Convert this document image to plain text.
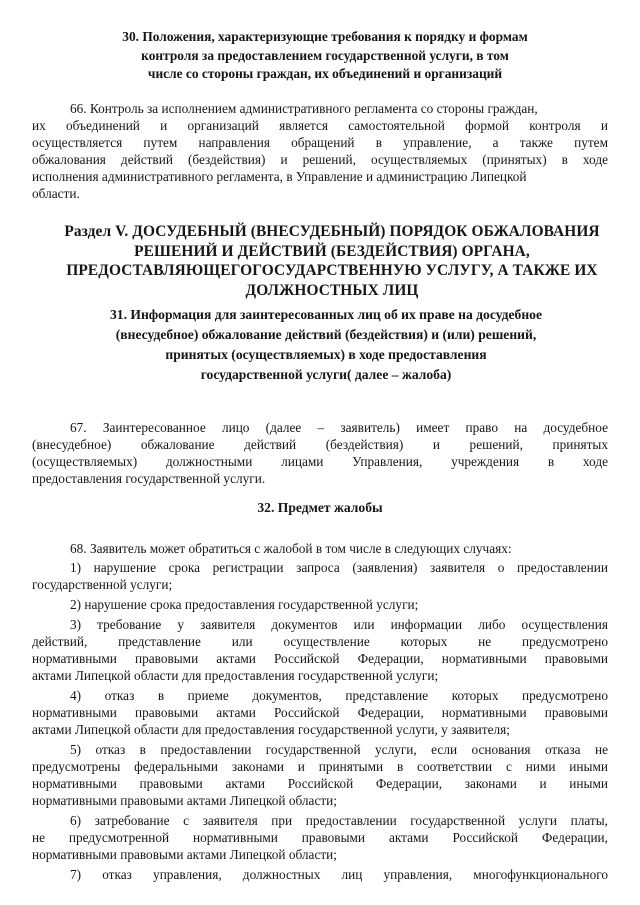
30. Положения, характеризующие требования к порядку и формам
контроля за предоставлением государственной услуги, в том
числе со стороны граждан, их объединений и организаций
66. Контроль за исполнением административного регламента со стороны граждан,
их объединений и организаций является самостоятельной формой контроля и
осуществляется путем направления обращений в управление, а также путем
обжалования действий (бездействия) и решений, осуществляемых (принятых) в ходе
исполнения административного регламента, в Управление и администрацию Липецкой
области.
Раздел V. ДОСУДЕБНЫЙ (ВНЕСУДЕБНЫЙ) ПОРЯДОК ОБЖАЛОВАНИЯ
РЕШЕНИЙ И ДЕЙСТВИЙ (БЕЗДЕЙСТВИЯ) ОРГАНА,
ПРЕДОСТАВЛЯЮЩЕГОГОСУДАРСТВЕННУЮ УСЛУГУ, А ТАКЖЕ ИХ
ДОЛЖНОСТНЫХ ЛИЦ
31. Информация для заинтересованных лиц об их праве на досудебное
(внесудебное) обжалование действий (бездействия) и (или) решений,
принятых (осуществляемых) в ходе предоставления
государственной услуги( далее – жалоба)
67. Заинтересованное лицо (далее – заявитель) имеет право на досудебное
(внесудебное) обжалование действий (бездействия) и решений, принятых
(осуществляемых) должностными лицами Управления, учреждения в ходе
предоставления государственной услуги.
32. Предмет жалобы
68. Заявитель может обратиться с жалобой в том числе в следующих случаях:
1) нарушение срока регистрации запроса (заявления) заявителя о предоставлении
государственной услуги;
2) нарушение срока предоставления государственной услуги;
3) требование у заявителя документов или информации либо осуществления
действий, представление или осуществление которых не предусмотрено
нормативными правовыми актами Российской Федерации, нормативными правовыми
актами Липецкой области для предоставления государственной услуги;
4) отказ в приеме документов, представление которых предусмотрено
нормативными правовыми актами Российской Федерации, нормативными правовыми
актами Липецкой области для предоставления государственной услуги, у заявителя;
5) отказ в предоставлении государственной услуги, если основания отказа не
предусмотрены федеральными законами и принятыми в соответствии с ними иными
нормативными правовыми актами Российской Федерации, законами и иными
нормативными правовыми актами Липецкой области;
6) затребование с заявителя при предоставлении государственной услуги платы,
не предусмотренной нормативными правовыми актами Российской Федерации,
нормативными правовыми актами Липецкой области;
7) отказ управления, должностных лиц управления, многофункционального
